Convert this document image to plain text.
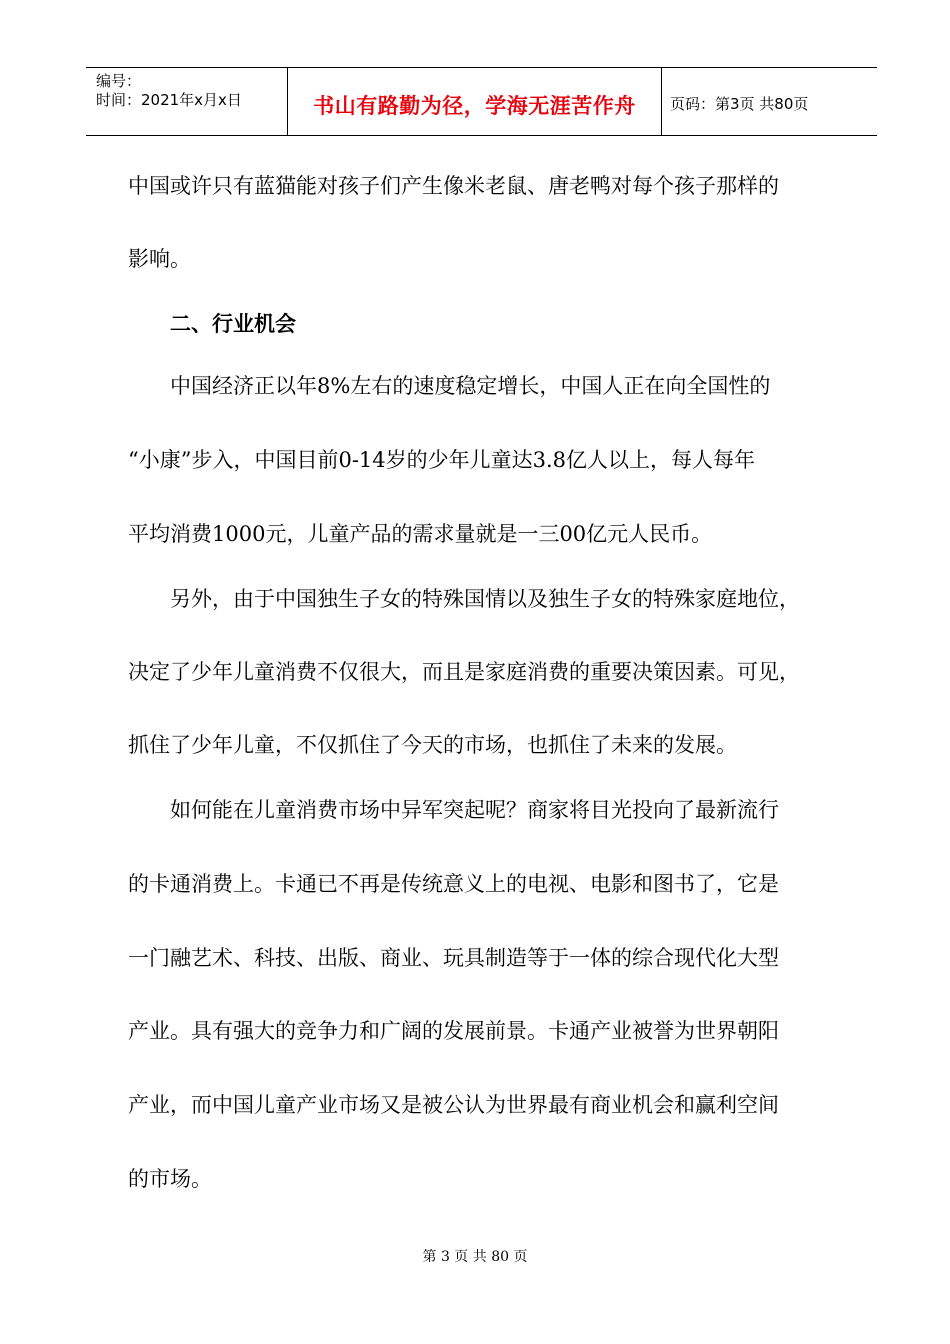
编号：
时间：2021年x月x日	书山有路勤为径，学海无涯苦作舟	页码：第3页 共80页
中国或许只有蓝猫能对孩子们产生像米老鼠、唐老鸭对每个孩子那样的
影响。
二、行业机会
中国经济正以年8%左右的速度稳定增长，中国人正在向全国性的
“小康”步入，中国目前0-14岁的少年儿童达3.8亿人以上，每人每年
平均消费1000元，儿童产品的需求量就是一三00亿元人民币。
另外，由于中国独生子女的特殊国情以及独生子女的特殊家庭地位，
决定了少年儿童消费不仅很大，而且是家庭消费的重要决策因素。可见，
抓住了少年儿童，不仅抓住了今天的市场，也抓住了未来的发展。
如何能在儿童消费市场中异军突起呢？商家将目光投向了最新流行
的卡通消费上。卡通已不再是传统意义上的电视、电影和图书了，它是
一门融艺术、科技、出版、商业、玩具制造等于一体的综合现代化大型
产业。具有强大的竞争力和广阔的发展前景。卡通产业被誉为世界朝阳
产业，而中国儿童产业市场又是被公认为世界最有商业机会和赢利空间
的市场。
第 3 页 共 80 页
